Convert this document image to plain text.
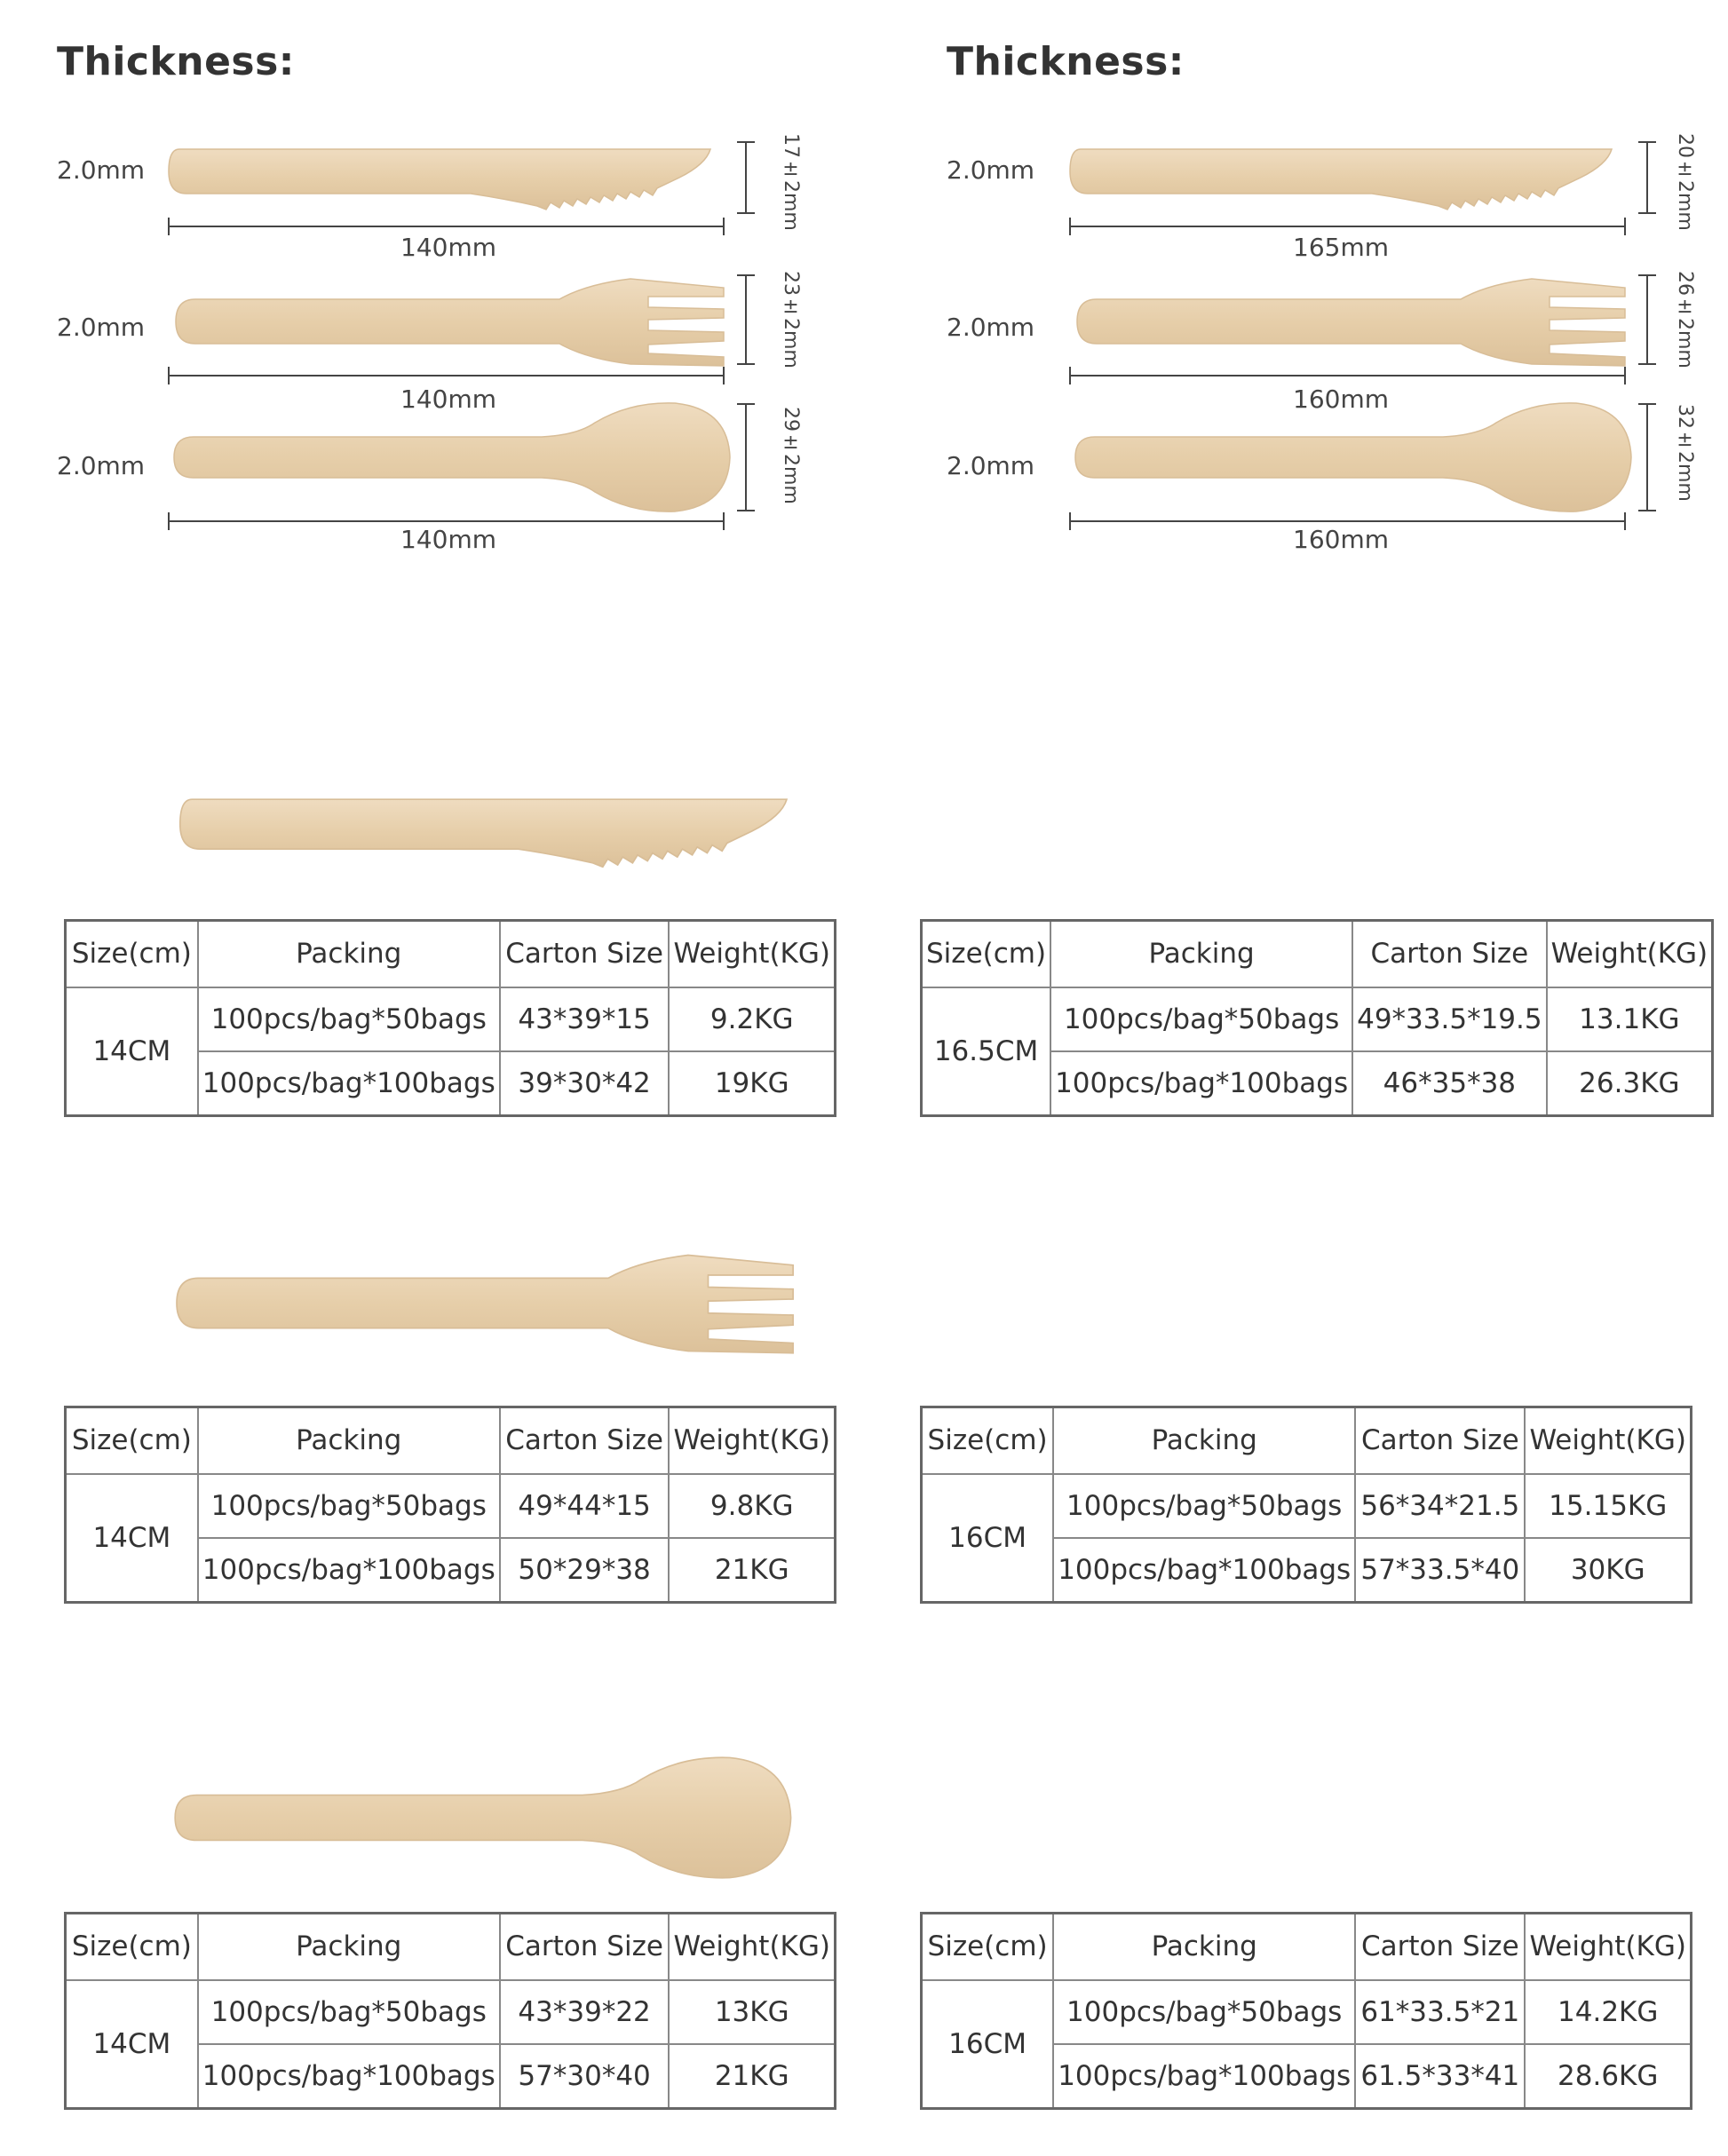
Thickness:
2.0mm
140mm
17±2mm
2.0mm
140mm
23±2mm
2.0mm
140mm
29±2mm
Thickness:
2.0mm
165mm
20±2mm
2.0mm
160mm
26±2mm
2.0mm
160mm
32±2mm
Size(cm)	Packing	Carton Size	Weight(KG)
14CM	100pcs/bag*50bags	43*39*15	9.2KG
	100pcs/bag*100bags	39*30*42	19KG
Size(cm)	Packing	Carton Size	Weight(KG)
16.5CM	100pcs/bag*50bags	49*33.5*19.5	13.1KG
	100pcs/bag*100bags	46*35*38	26.3KG
Size(cm)	Packing	Carton Size	Weight(KG)
14CM	100pcs/bag*50bags	49*44*15	9.8KG
	100pcs/bag*100bags	50*29*38	21KG
Size(cm)	Packing	Carton Size	Weight(KG)
16CM	100pcs/bag*50bags	56*34*21.5	15.15KG
	100pcs/bag*100bags	57*33.5*40	30KG
Size(cm)	Packing	Carton Size	Weight(KG)
14CM	100pcs/bag*50bags	43*39*22	13KG
	100pcs/bag*100bags	57*30*40	21KG
Size(cm)	Packing	Carton Size	Weight(KG)
16CM	100pcs/bag*50bags	61*33.5*21	14.2KG
	100pcs/bag*100bags	61.5*33*41	28.6KG
